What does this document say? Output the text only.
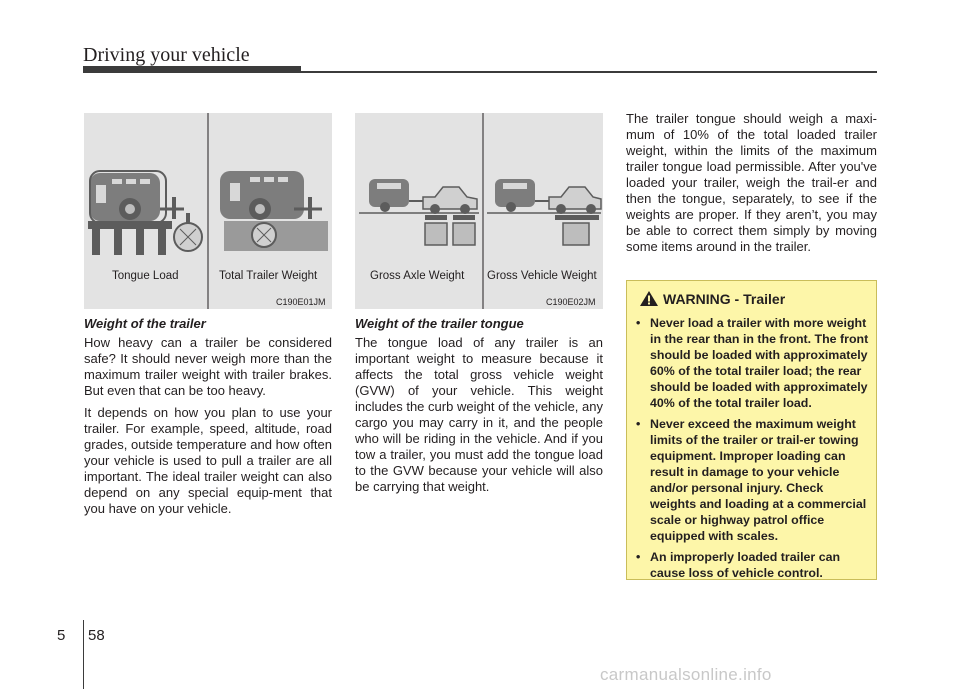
Driving your vehicle
Tongue Load	Total Trailer Weight
C190E01JM
Gross Axle Weight Gross Vehicle Weight
C190E02JM
Weight of the trailer
How heavy can a trailer be considered safe? It should never weigh more than the maximum trailer weight with trailer brakes. But even that can be too heavy.
It depends on how you plan to use your trailer. For example, speed, altitude, road grades, outside temperature and how often your vehicle is used to pull a trailer are all important. The ideal trailer weight can also depend on any special equip-ment that you have on your vehicle.
Weight of the trailer tongue
The tongue load of any trailer is an important weight to measure because it affects the total gross vehicle weight (GVW) of your vehicle. This weight includes the curb weight of the vehicle, any cargo you may carry in it, and the people who will be riding in the vehicle. And if you tow a trailer, you must add the tongue load to the GVW because your vehicle will also be carrying that weight.
The trailer tongue should weigh a maxi-mum of 10% of the total loaded trailer weight, within the limits of the maximum trailer tongue load permissible. After you've loaded your trailer, weigh the trail-er and then the tongue, separately, to see if the weights are proper. If they aren’t, you may be able to correct them simply by moving some items around in the trailer.
WARNING - Trailer
• Never load a trailer with more weight in the rear than in the front. The front should be loaded with approximately 60% of the total trailer load; the rear should be loaded with approximately 40% of the total trailer load.
• Never exceed the maximum weight limits of the trailer or trail-er towing equipment. Improper loading can result in damage to your vehicle and/or personal injury. Check weights and loading at a commercial scale or highway patrol office equipped with scales.
• An improperly loaded trailer can cause loss of vehicle control.
5 58
carmanualsonline.info
